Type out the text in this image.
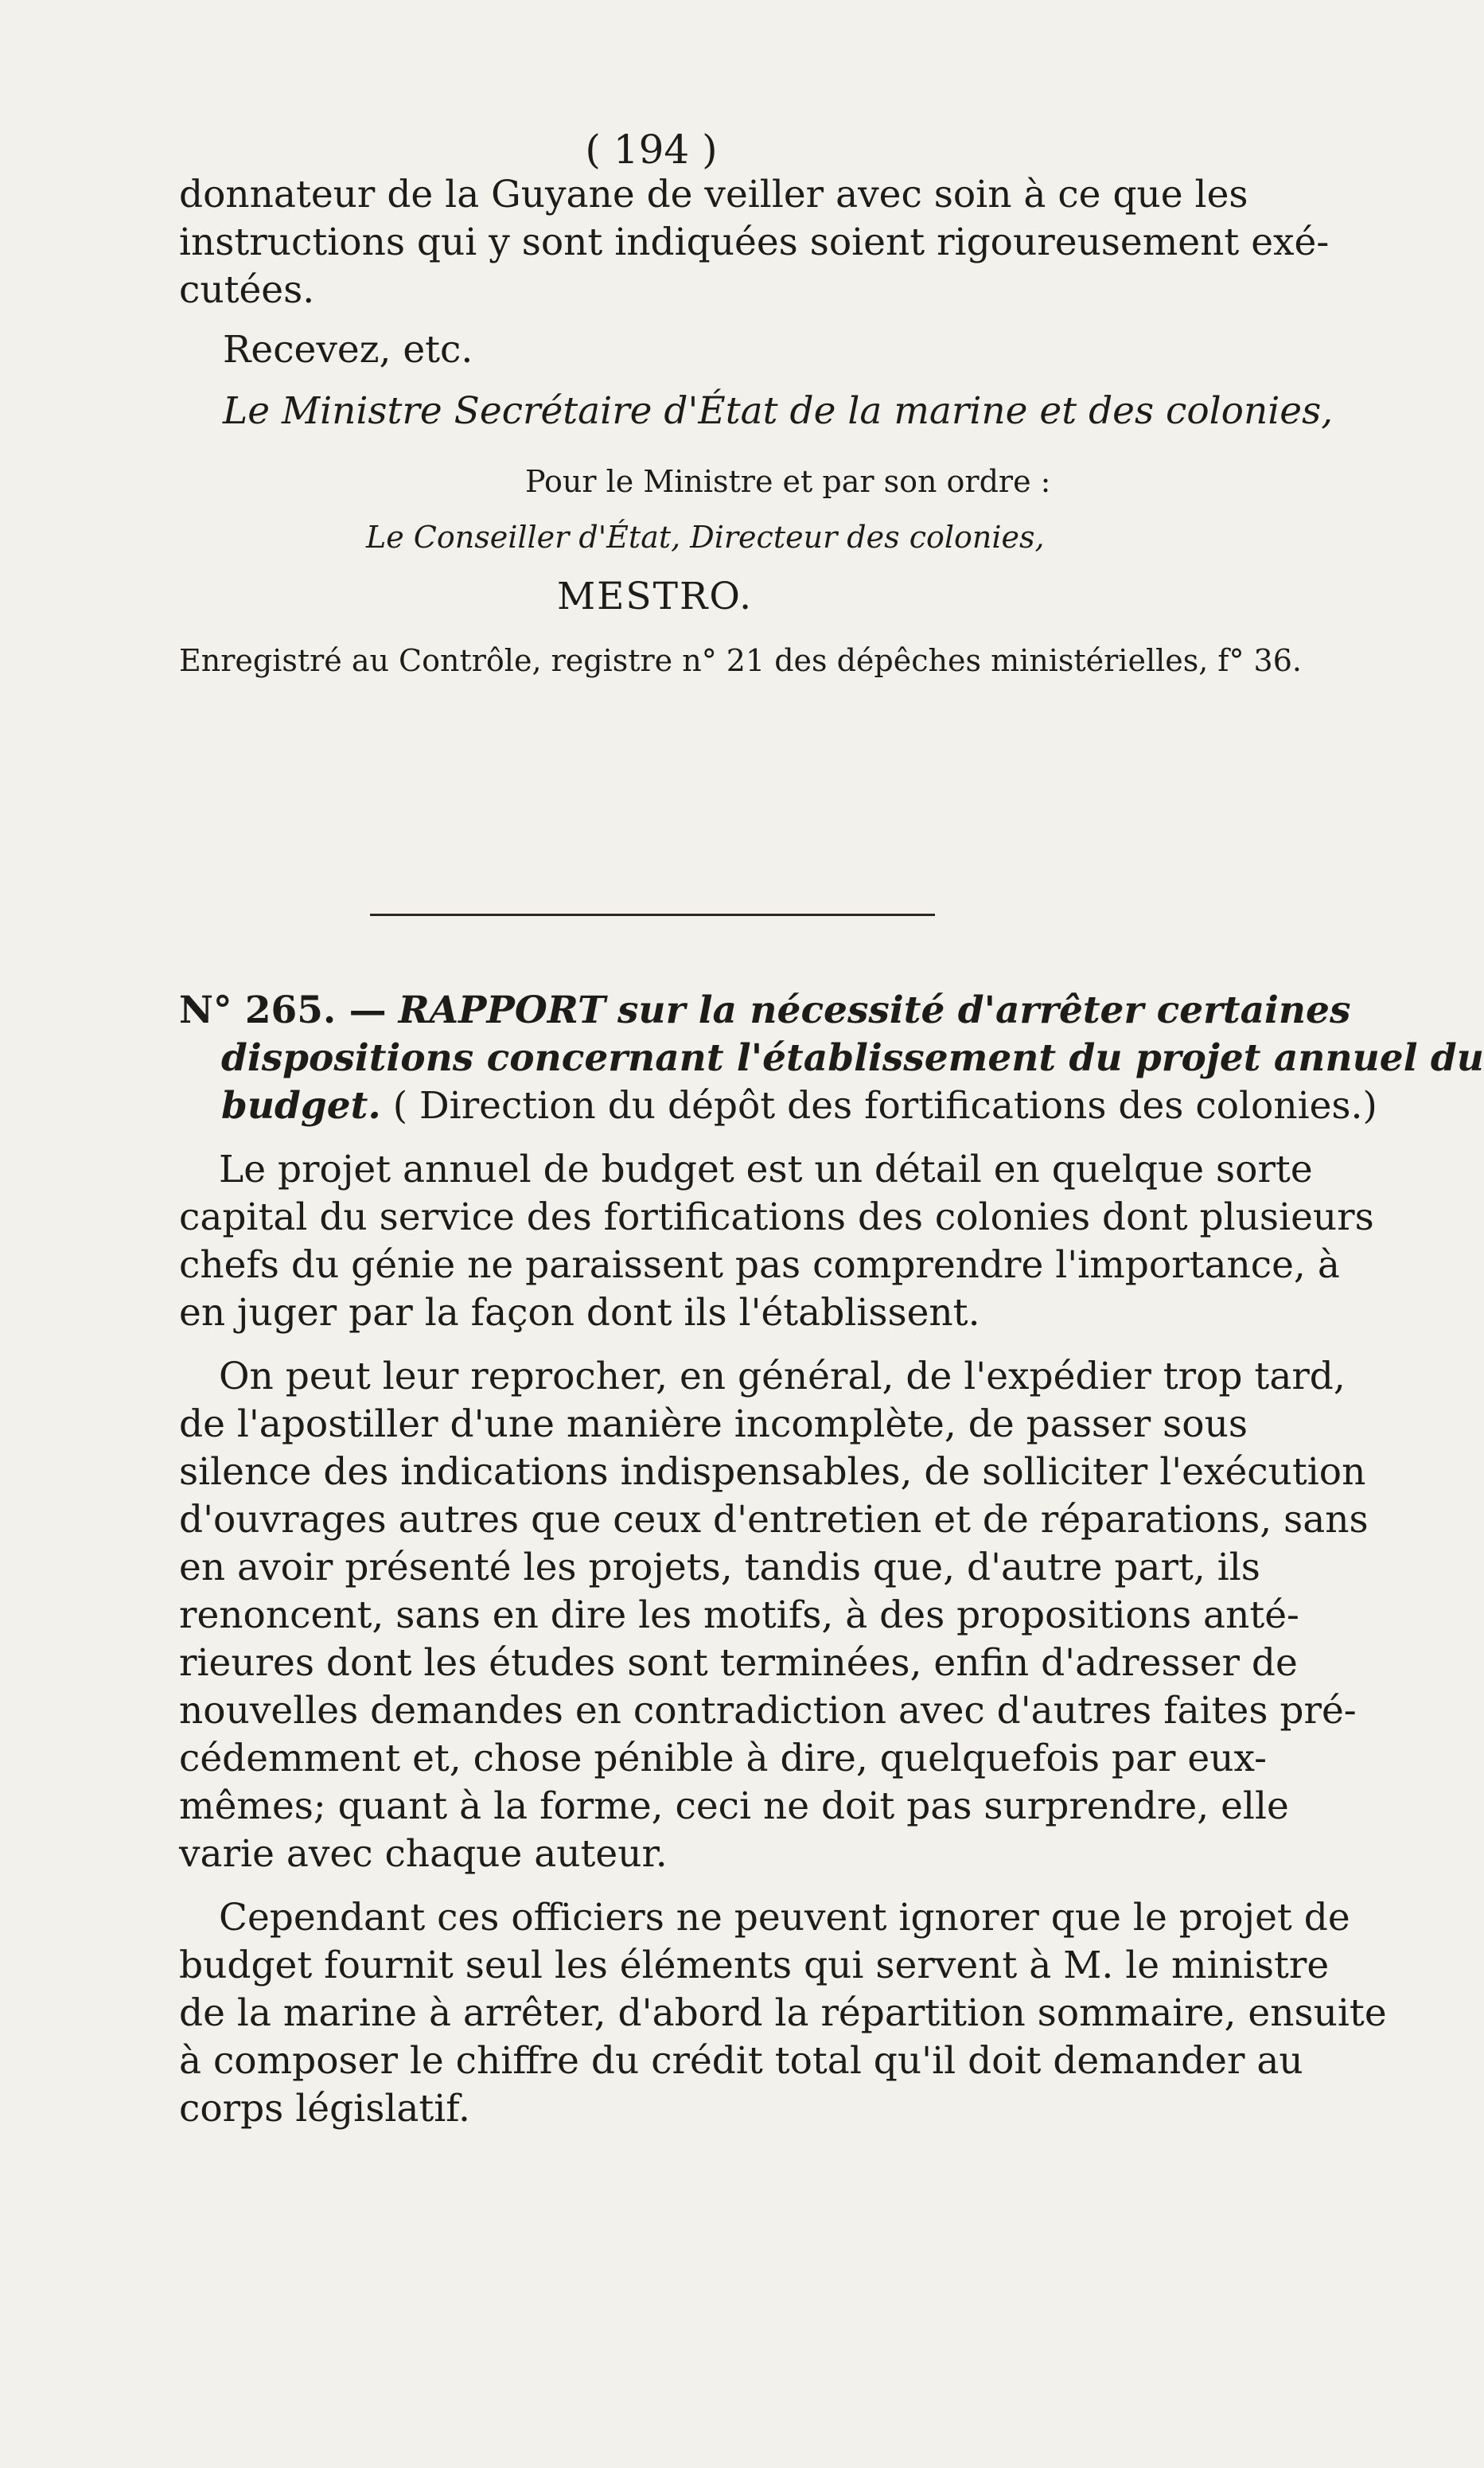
( 194 )

donnateur de la Guyane de veiller avec soin à ce que les

instructions qui y sont indiquées soient rigoureusement exé-

cutées.

Recevez, etc.

Le Ministre Secrétaire d'État de la marine et des colonies,

Pour le Ministre et par son ordre :

Le Conseiller d'État, Directeur des colonies,

MESTRO.

Enregistré au Contrôle, registre n° 21 des dépêches ministérielles, f° 36.

N° 265. — RAPPORT sur la nécessité d'arrêter certaines

dispositions concernant l'établissement du projet annuel du

budget. ( Direction du dépôt des fortifications des colonies.)

Le projet annuel de budget est un détail en quelque sorte

capital du service des fortifications des colonies dont plusieurs

chefs du génie ne paraissent pas comprendre l'importance, à

en juger par la façon dont ils l'établissent.

On peut leur reprocher, en général, de l'expédier trop tard,

de l'apostiller d'une manière incomplète, de passer sous

silence des indications indispensables, de solliciter l'exécution

d'ouvrages autres que ceux d'entretien et de réparations, sans

en avoir présenté les projets, tandis que, d'autre part, ils

renoncent, sans en dire les motifs, à des propositions anté-

rieures dont les études sont terminées, enfin d'adresser de

nouvelles demandes en contradiction avec d'autres faites pré-

cédemment et, chose pénible à dire, quelquefois par eux-

mêmes; quant à la forme, ceci ne doit pas surprendre, elle

varie avec chaque auteur.

Cependant ces officiers ne peuvent ignorer que le projet de

budget fournit seul les éléments qui servent à M. le ministre

de la marine à arrêter, d'abord la répartition sommaire, ensuite

à composer le chiffre du crédit total qu'il doit demander au

corps législatif.
